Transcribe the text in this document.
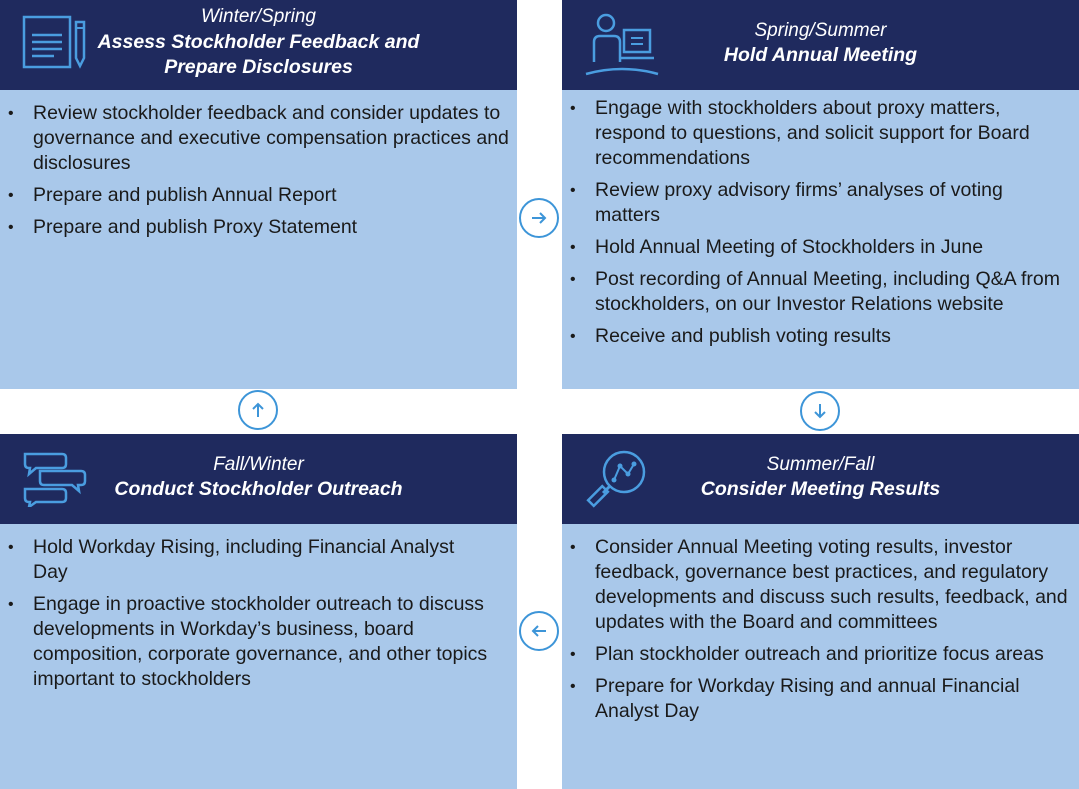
Winter/Spring
Assess Stockholder Feedback and
Prepare Disclosures
• Review stockholder feedback and consider updates to governance and executive compensation practices and disclosures
• Prepare and publish Annual Report
• Prepare and publish Proxy Statement
Spring/Summer
Hold Annual Meeting
• Engage with stockholders about proxy matters, respond to questions, and solicit support for Board recommendations
• Review proxy advisory firms’ analyses of voting matters
• Hold Annual Meeting of Stockholders in June
• Post recording of Annual Meeting, including Q&A from stockholders, on our Investor Relations website
• Receive and publish voting results
Fall/Winter
Conduct Stockholder Outreach
• Hold Workday Rising, including Financial Analyst Day
• Engage in proactive stockholder outreach to discuss developments in Workday’s business, board composition, corporate governance, and other topics important to stockholders
Summer/Fall
Consider Meeting Results
• Consider Annual Meeting voting results, investor feedback, governance best practices, and regulatory developments and discuss such results, feedback, and updates with the Board and committees
• Plan stockholder outreach and prioritize focus areas
• Prepare for Workday Rising and annual Financial Analyst Day
